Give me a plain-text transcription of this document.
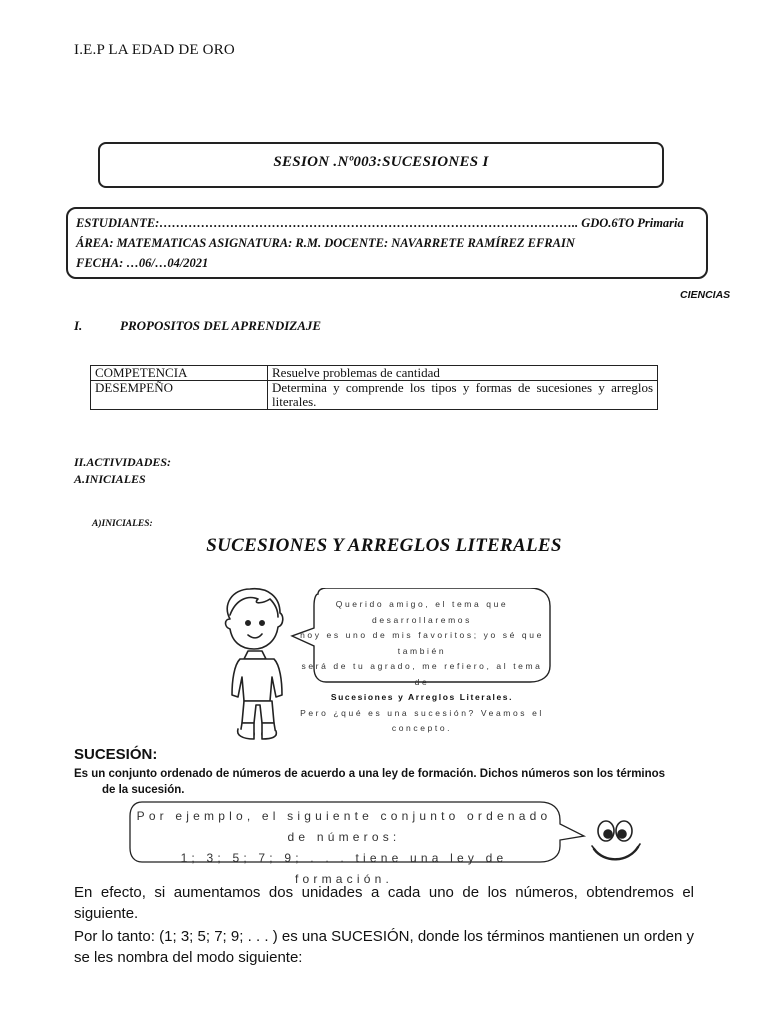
I.E.P LA EDAD DE ORO
SESION .Nº003:SUCESIONES I
ESTUDIANTE:……………………………………………………………………………………….. GDO.6TO Primaria
ÁREA: MATEMATICAS ASIGNATURA: R.M. DOCENTE: NAVARRETE RAMÍREZ EFRAIN
FECHA: …06/…04/2021
CIENCIAS
I.	PROPOSITOS DEL APRENDIZAJE
COMPETENCIA	Resuelve problemas de cantidad
DESEMPEÑO	Determina y comprende los tipos y formas de sucesiones y arreglos literales.
II.ACTIVIDADES:
A.INICIALES
A)INICIALES:
SUCESIONES Y ARREGLOS LITERALES
Querido amigo, el tema que desarrollaremos
hoy es uno de mis favoritos; yo sé que también
será de tu agrado, me refiero, al tema de
Sucesiones y Arreglos Literales.
Pero ¿qué es una sucesión? Veamos el concepto.
SUCESIÓN:
Es un conjunto ordenado de números de acuerdo a una ley de formación. Dichos números son los términos
de la sucesión.
Por ejemplo, el siguiente conjunto ordenado de números:
1; 3; 5; 7; 9; . . . tiene una ley de formación.
En efecto, si aumentamos dos unidades a cada uno de los números, obtendremos el siguiente.
Por lo tanto: (1; 3; 5; 7; 9; . . . ) es una SUCESIÓN, donde los términos mantienen un orden y se les nombra del modo siguiente:
